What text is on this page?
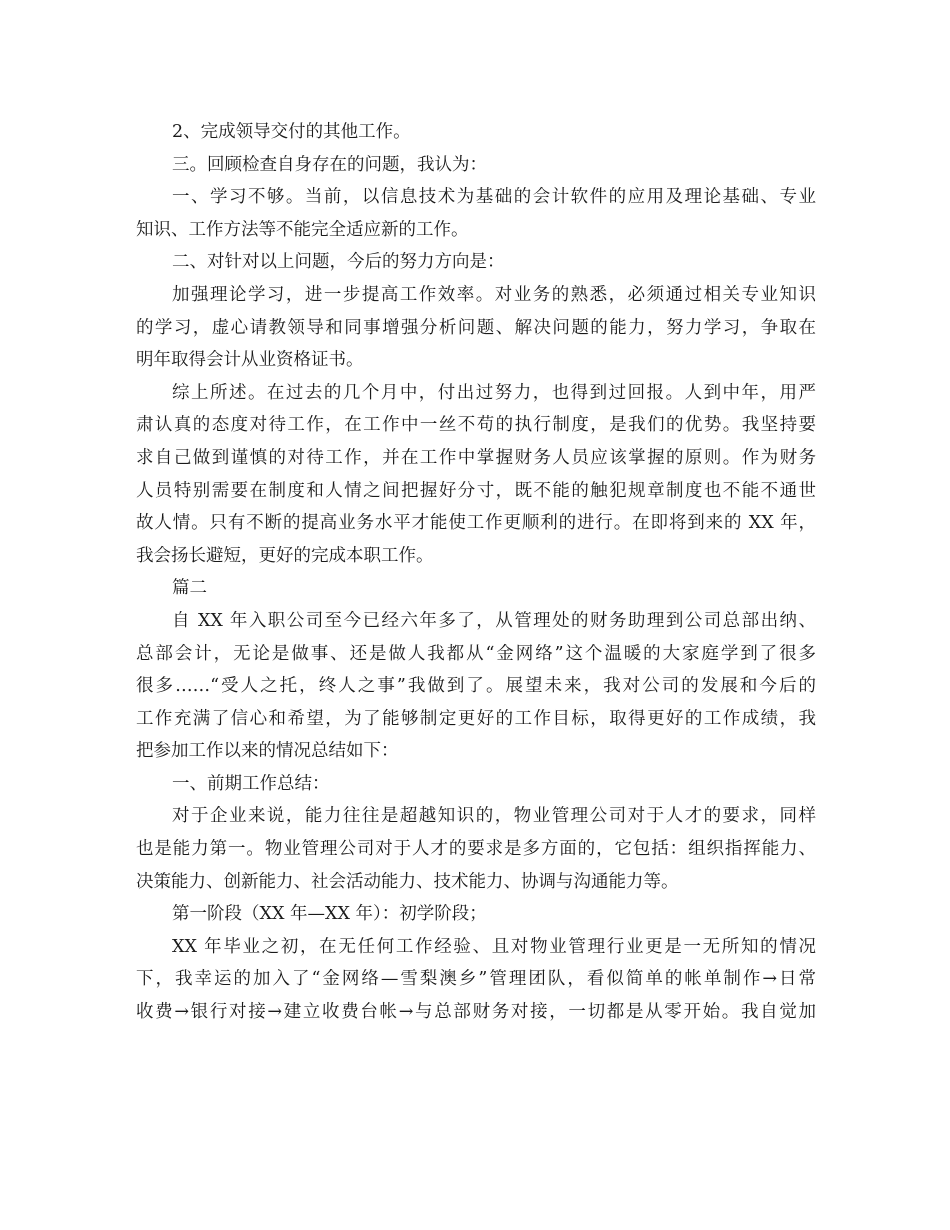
2、完成领导交付的其他工作。
三。回顾检查自身存在的问题，我认为：
一、学习不够。当前，以信息技术为基础的会计软件的应用及理论基础、专业
知识、工作方法等不能完全适应新的工作。
二、对针对以上问题，今后的努力方向是：
加强理论学习，进一步提高工作效率。对业务的熟悉，必须通过相关专业知识
的学习，虚心请教领导和同事增强分析问题、解决问题的能力，努力学习，争取在
明年取得会计从业资格证书。
综上所述。在过去的几个月中，付出过努力，也得到过回报。人到中年，用严
肃认真的态度对待工作，在工作中一丝不苟的执行制度，是我们的优势。我坚持要
求自己做到谨慎的对待工作，并在工作中掌握财务人员应该掌握的原则。作为财务
人员特别需要在制度和人情之间把握好分寸，既不能的触犯规章制度也不能不通世
故人情。只有不断的提高业务水平才能使工作更顺利的进行。在即将到来的 XX 年，
我会扬长避短，更好的完成本职工作。
篇二
自 XX 年入职公司至今已经六年多了，从管理处的财务助理到公司总部出纳、
总部会计，无论是做事、还是做人我都从“金网络”这个温暖的大家庭学到了很多
很多……“受人之托，终人之事”我做到了。展望未来，我对公司的发展和今后的
工作充满了信心和希望，为了能够制定更好的工作目标，取得更好的工作成绩，我
把参加工作以来的情况总结如下：
一、前期工作总结：
对于企业来说，能力往往是超越知识的，物业管理公司对于人才的要求，同样
也是能力第一。物业管理公司对于人才的要求是多方面的，它包括：组织指挥能力、
决策能力、创新能力、社会活动能力、技术能力、协调与沟通能力等。
第一阶段（XX 年—XX 年）：初学阶段；
XX 年毕业之初，在无任何工作经验、且对物业管理行业更是一无所知的情况
下，我幸运的加入了“金网络—雪梨澳乡”管理团队，看似简单的帐单制作→日常
收费→银行对接→建立收费台帐→与总部财务对接，一切都是从零开始。我自觉加
